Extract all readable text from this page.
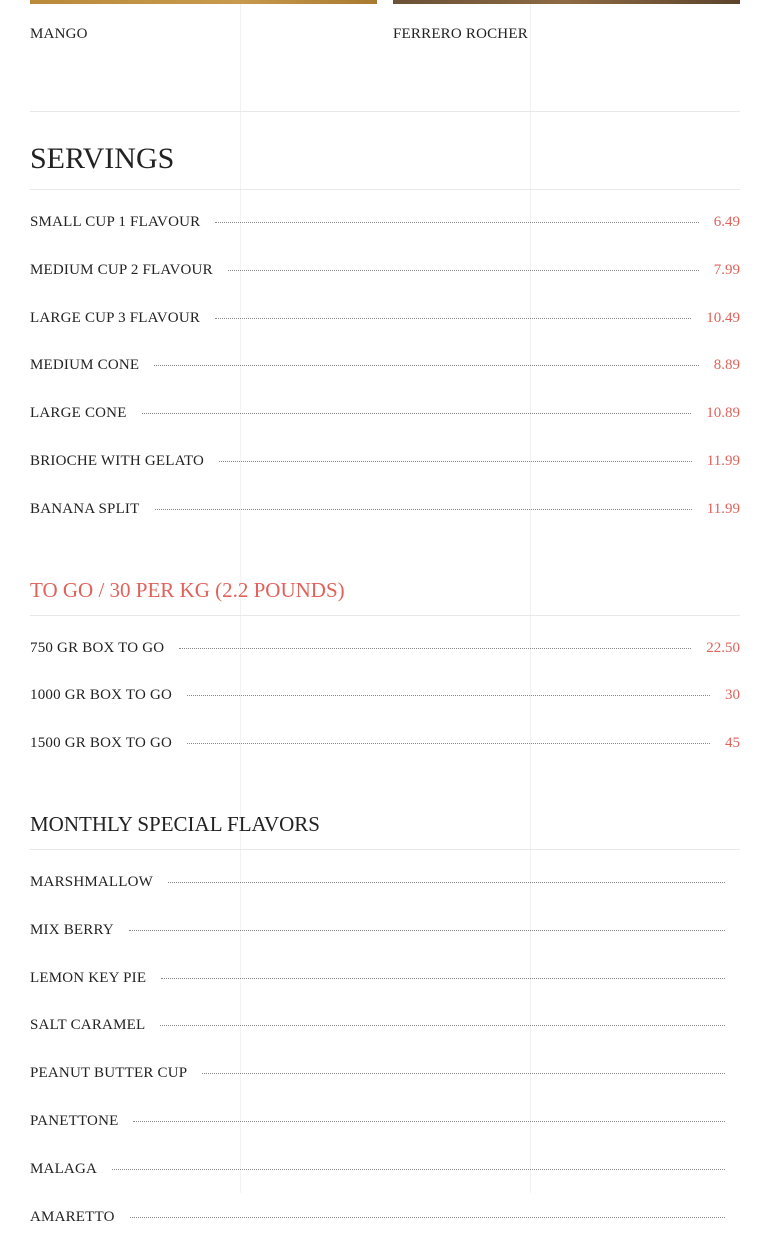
MANGO	FERRERO ROCHER
SERVINGS
SMALL CUP 1 FLAVOUR	6.49
MEDIUM CUP 2 FLAVOUR	7.99
LARGE CUP 3 FLAVOUR	10.49
MEDIUM CONE	8.89
LARGE CONE	10.89
BRIOCHE WITH GELATO	11.99
BANANA SPLIT	11.99
TO GO / 30 PER KG (2.2 POUNDS)
750 GR BOX TO GO	22.50
1000 GR BOX TO GO	30
1500 GR BOX TO GO	45
MONTHLY SPECIAL FLAVORS
MARSHMALLOW
MIX BERRY
LEMON KEY PIE
SALT CARAMEL
PEANUT BUTTER CUP
PANETTONE
MALAGA
AMARETTO
